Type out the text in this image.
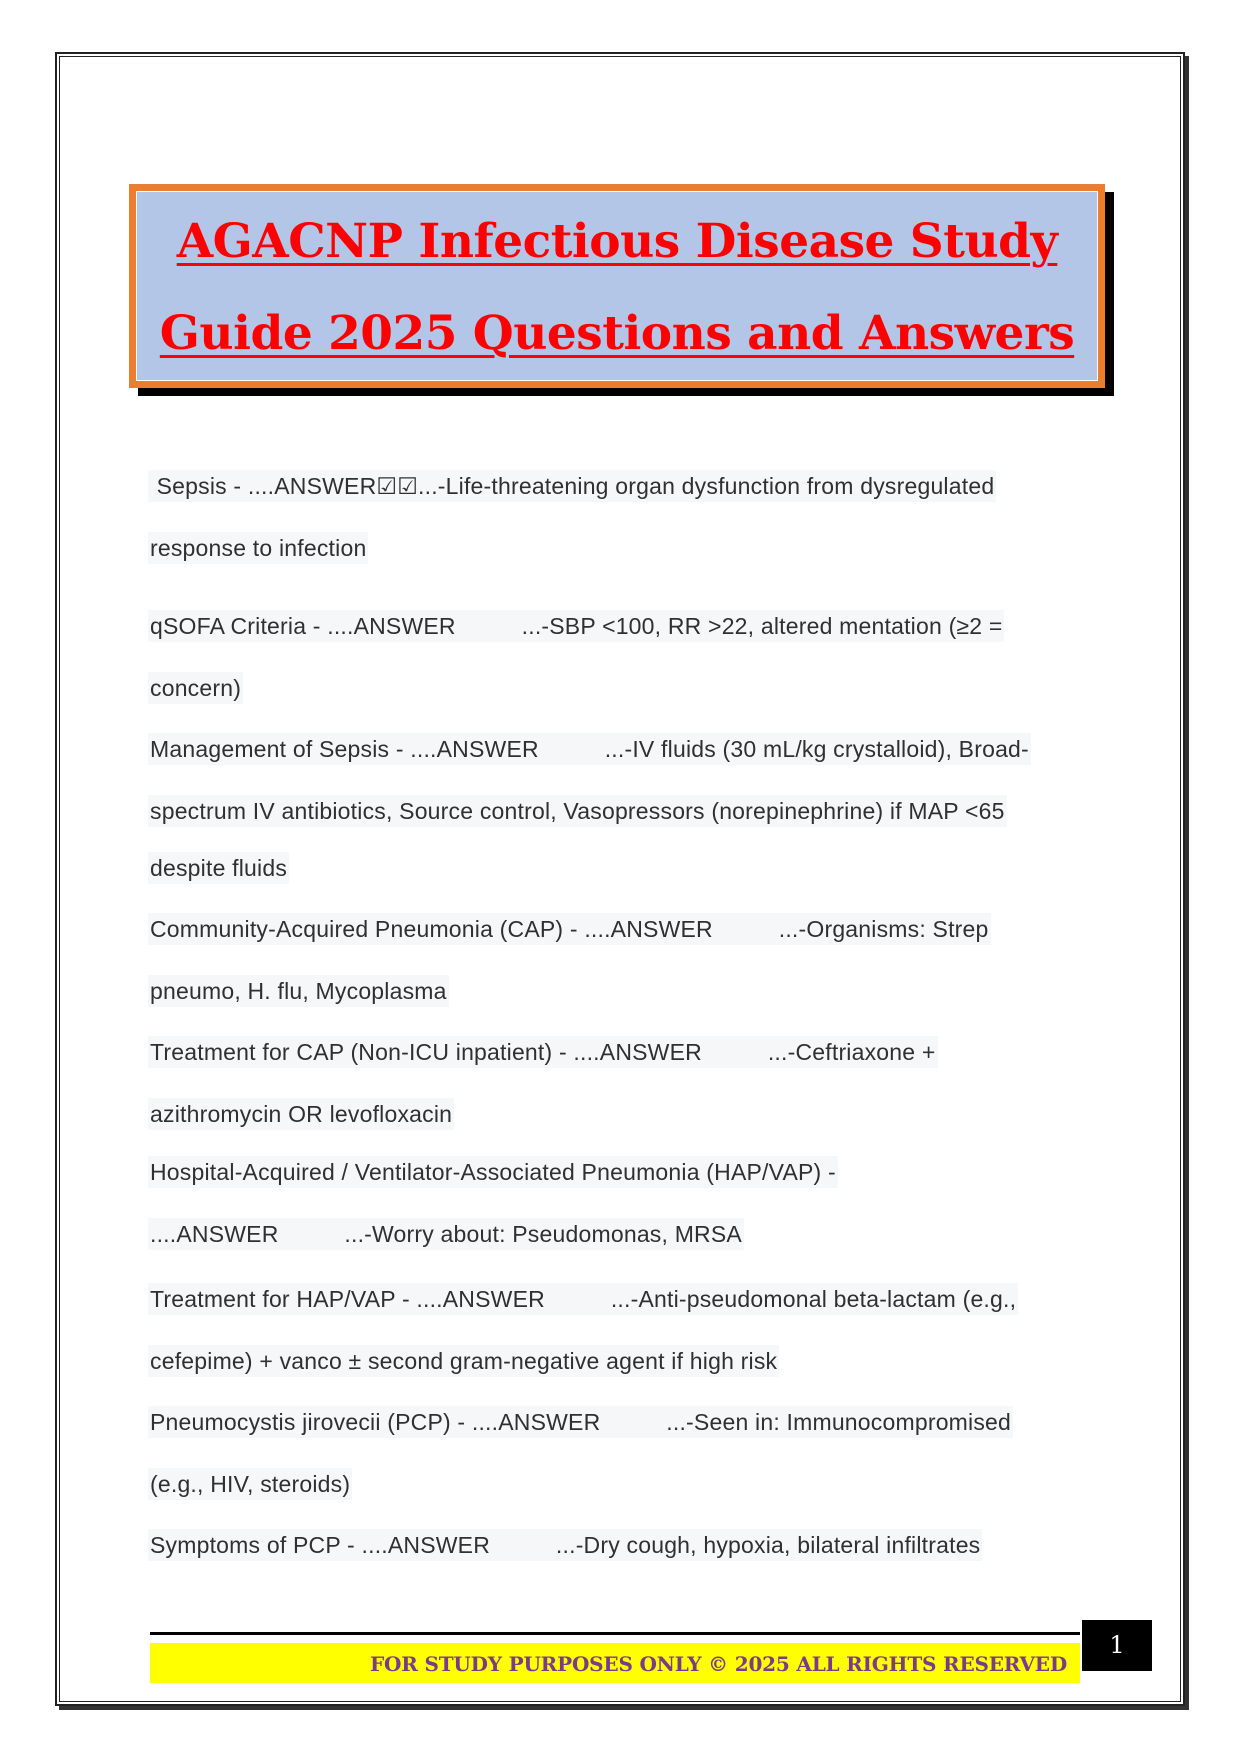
AGACNP Infectious Disease Study
Guide 2025 Questions and Answers
Sepsis - ....ANSWER☑☑...-Life-threatening organ dysfunction from dysregulated
response to infection
qSOFA Criteria - ....ANSWER          ...-SBP <100, RR >22, altered mentation (≥2 =
concern)
Management of Sepsis - ....ANSWER          ...-IV fluids (30 mL/kg crystalloid), Broad-
spectrum IV antibiotics, Source control, Vasopressors (norepinephrine) if MAP <65
despite fluids
Community-Acquired Pneumonia (CAP) - ....ANSWER          ...-Organisms: Strep
pneumo, H. flu, Mycoplasma
Treatment for CAP (Non-ICU inpatient) - ....ANSWER          ...-Ceftriaxone +
azithromycin OR levofloxacin
Hospital-Acquired / Ventilator-Associated Pneumonia (HAP/VAP) -
....ANSWER          ...-Worry about: Pseudomonas, MRSA
Treatment for HAP/VAP - ....ANSWER          ...-Anti-pseudomonal beta-lactam (e.g.,
cefepime) + vanco ± second gram-negative agent if high risk
Pneumocystis jirovecii (PCP) - ....ANSWER          ...-Seen in: Immunocompromised
(e.g., HIV, steroids)
Symptoms of PCP - ....ANSWER          ...-Dry cough, hypoxia, bilateral infiltrates
FOR STUDY PURPOSES ONLY © 2025 ALL RIGHTS RESERVED
1
